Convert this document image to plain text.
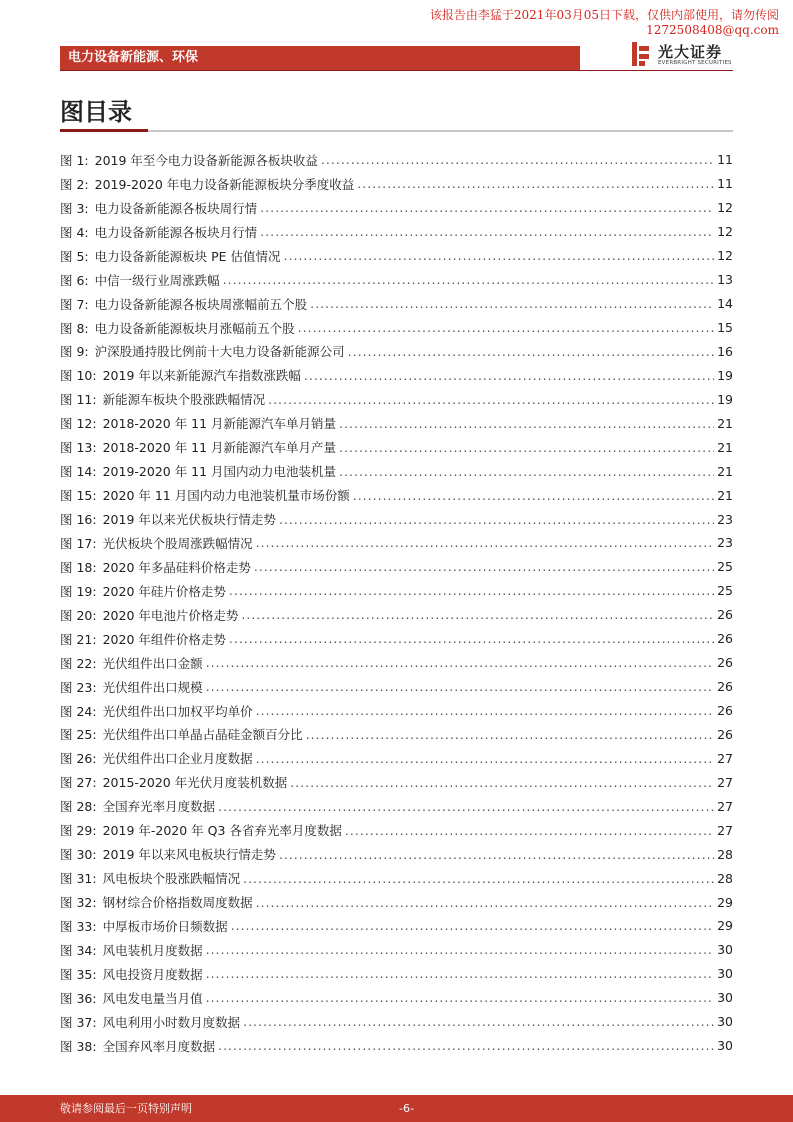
该报告由李猛于2021年03月05日下载，仅供内部使用，请勿传阅
1272508408@qq.com
电力设备新能源、环保	光大证券
EVERBRIGHT SECURITIES
图目录
图 1: 2019 年至今电力设备新能源各板块收益 .....	11
图 2: 2019-2020 年电力设备新能源板块分季度收益 .....	11
图 3: 电力设备新能源各板块周行情 .....	12
图 4: 电力设备新能源各板块月行情 .....	12
图 5: 电力设备新能源板块 PE 估值情况 .....	12
图 6: 中信一级行业周涨跌幅 .....	13
图 7: 电力设备新能源各板块周涨幅前五个股 .....	14
图 8: 电力设备新能源板块月涨幅前五个股 .....	15
图 9: 沪深股通持股比例前十大电力设备新能源公司 .....	16
图 10: 2019 年以来新能源汽车指数涨跌幅 .....	19
图 11: 新能源车板块个股涨跌幅情况 .....	19
图 12: 2018-2020 年 11 月新能源汽车单月销量 .....	21
图 13: 2018-2020 年 11 月新能源汽车单月产量 .....	21
图 14: 2019-2020 年 11 月国内动力电池装机量 .....	21
图 15: 2020 年 11 月国内动力电池装机量市场份额 .....	21
图 16: 2019 年以来光伏板块行情走势 .....	23
图 17: 光伏板块个股周涨跌幅情况 .....	23
图 18: 2020 年多晶硅料价格走势 .....	25
图 19: 2020 年硅片价格走势 .....	25
图 20: 2020 年电池片价格走势 .....	26
图 21: 2020 年组件价格走势 .....	26
图 22: 光伏组件出口金额 .....	26
图 23: 光伏组件出口规模 .....	26
图 24: 光伏组件出口加权平均单价 .....	26
图 25: 光伏组件出口单晶占晶硅金额百分比 .....	26
图 26: 光伏组件出口企业月度数据 .....	27
图 27: 2015-2020 年光伏月度装机数据 .....	27
图 28: 全国弃光率月度数据 .....	27
图 29: 2019 年-2020 年 Q3 各省弃光率月度数据 .....	27
图 30: 2019 年以来风电板块行情走势 .....	28
图 31: 风电板块个股涨跌幅情况 .....	28
图 32: 钢材综合价格指数周度数据 .....	29
图 33: 中厚板市场价日频数据 .....	29
图 34: 风电装机月度数据 .....	30
图 35: 风电投资月度数据 .....	30
图 36: 风电发电量当月值 .....	30
图 37: 风电利用小时数月度数据 .....	30
图 38: 全国弃风率月度数据 .....	30
敬请参阅最后一页特别声明	-6-
